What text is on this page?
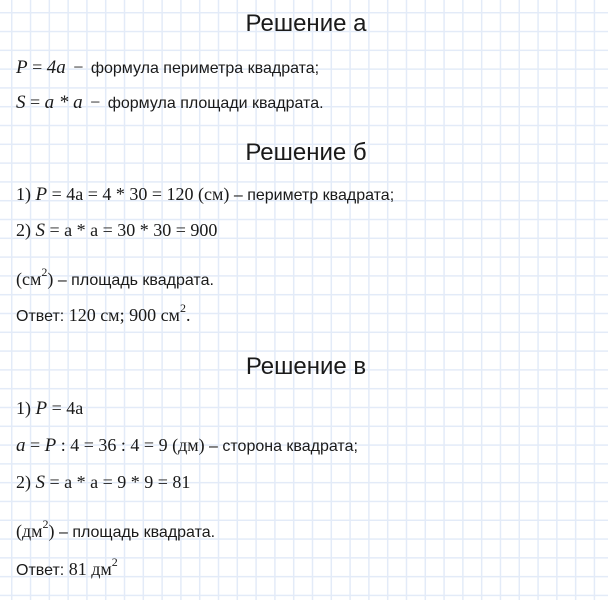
Решение а
P = 4a − формула периметра квадрата;
S = a * a − формула площади квадрата.
Решение б
1) P = 4a = 4 * 30 = 120 (см) – периметр квадрата;
2) S = a * a = 30 * 30 = 900
$(см^2)$ – площадь квадрата.
Ответ: 120 см; 900 $см^2$.
Решение в
1) P = 4a
a = P : 4 = 36 : 4 = 9 (дм) – сторона квадрата;
2) S = a * a = 9 * 9 = 81
$(дм^2)$ – площадь квадрата.
Ответ: 81 $дм^2$
